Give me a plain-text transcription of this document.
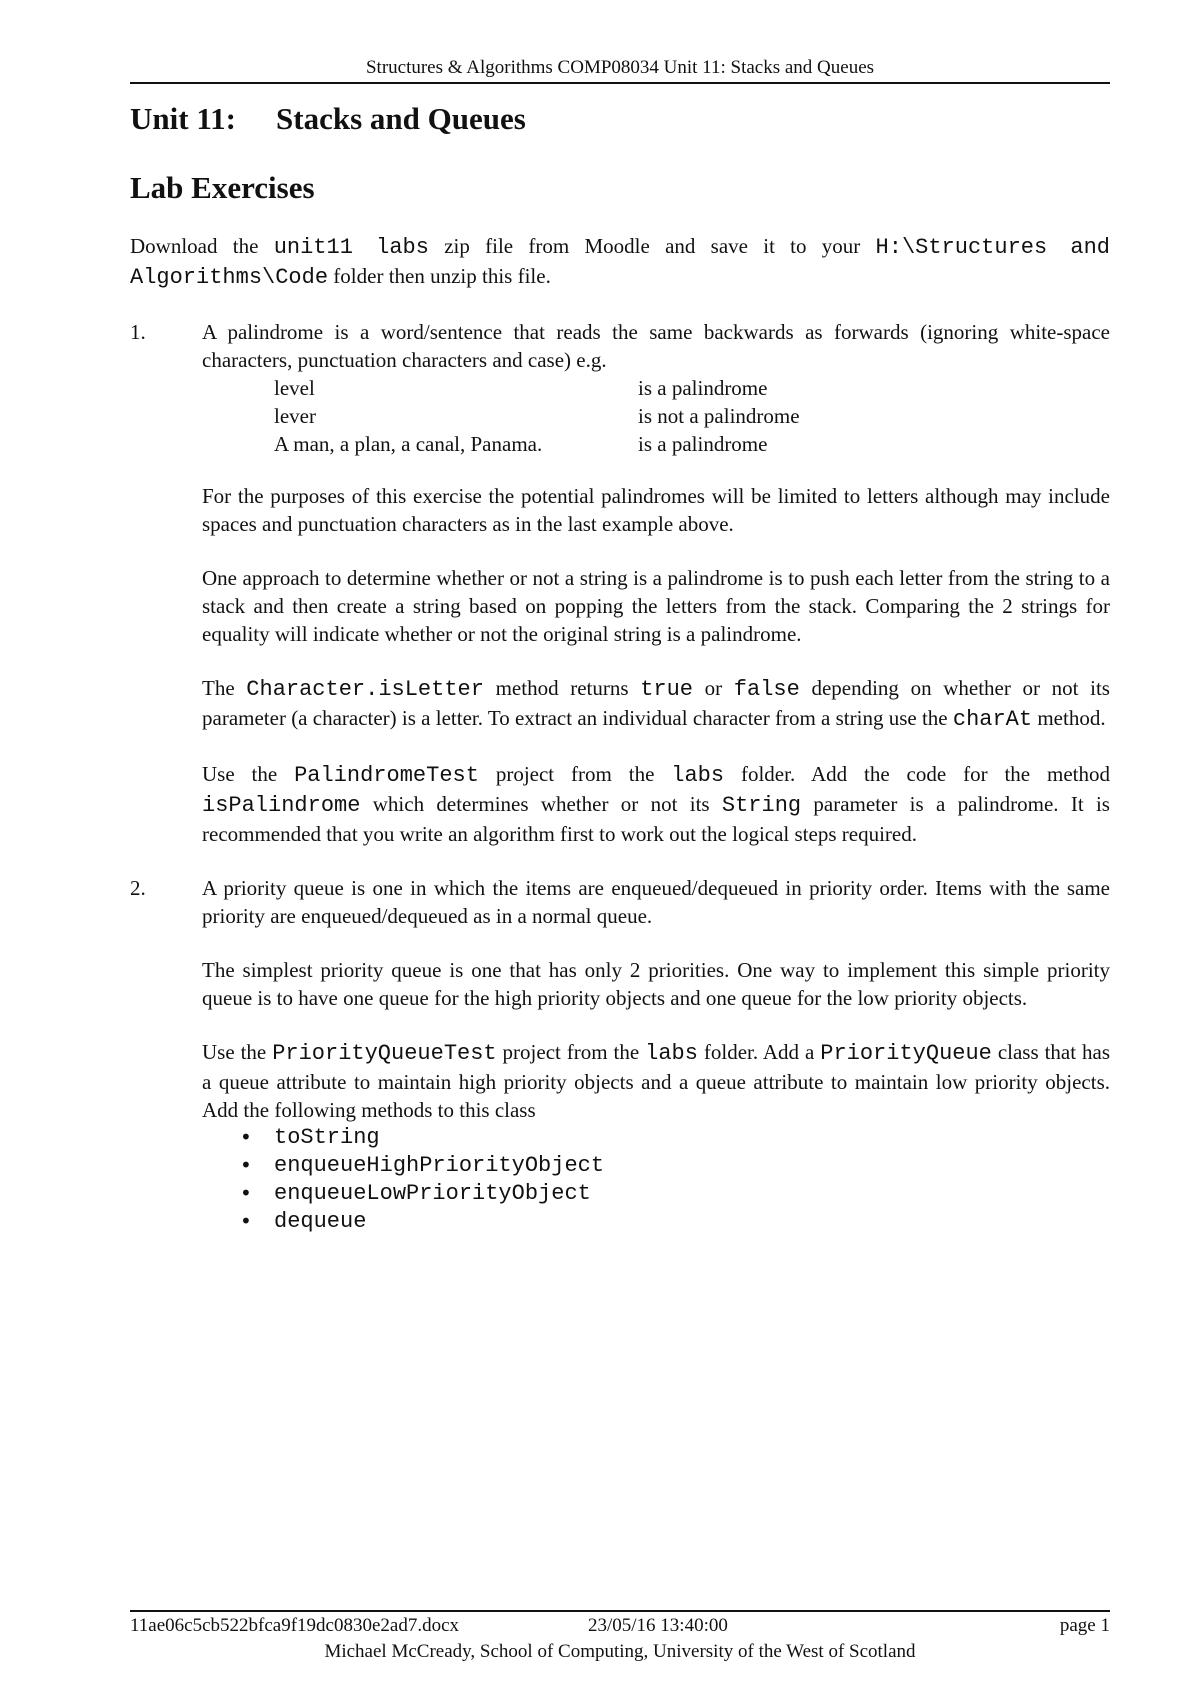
Structures & Algorithms COMP08034 Unit 11: Stacks and Queues
Unit 11: Stacks and Queues
Lab Exercises

Download the unit11 labs zip file from Moodle and save it to your H:\Structures and Algorithms\Code folder then unzip this file.

1.	A palindrome is a word/sentence that reads the same backwards as forwards (ignoring white-space characters, punctuation characters and case) e.g.

level	is a palindrome
lever	is not a palindrome
A man, a plan, a canal, Panama.	is a palindrome

For the purposes of this exercise the potential palindromes will be limited to letters although may include spaces and punctuation characters as in the last example above.

One approach to determine whether or not a string is a palindrome is to push each letter from the string to a stack and then create a string based on popping the letters from the stack. Comparing the 2 strings for equality will indicate whether or not the original string is a palindrome.

The Character.isLetter method returns true or false depending on whether or not its parameter (a character) is a letter. To extract an individual character from a string use the charAt method.

Use the PalindromeTest project from the labs folder. Add the code for the method isPalindrome which determines whether or not its String parameter is a palindrome. It is recommended that you write an algorithm first to work out the logical steps required.

2.	A priority queue is one in which the items are enqueued/dequeued in priority order. Items with the same priority are enqueued/dequeued as in a normal queue.

The simplest priority queue is one that has only 2 priorities. One way to implement this simple priority queue is to have one queue for the high priority objects and one queue for the low priority objects.

Use the PriorityQueueTest project from the labs folder. Add a PriorityQueue class that has a queue attribute to maintain high priority objects and a queue attribute to maintain low priority objects. Add the following methods to this class

• toString
• enqueueHighPriorityObject
• enqueueLowPriorityObject
• dequeue
11ae06c5cb522bfca9f19dc0830e2ad7.docx	23/05/16 13:40:00	page 1
Michael McCready, School of Computing, University of the West of Scotland
